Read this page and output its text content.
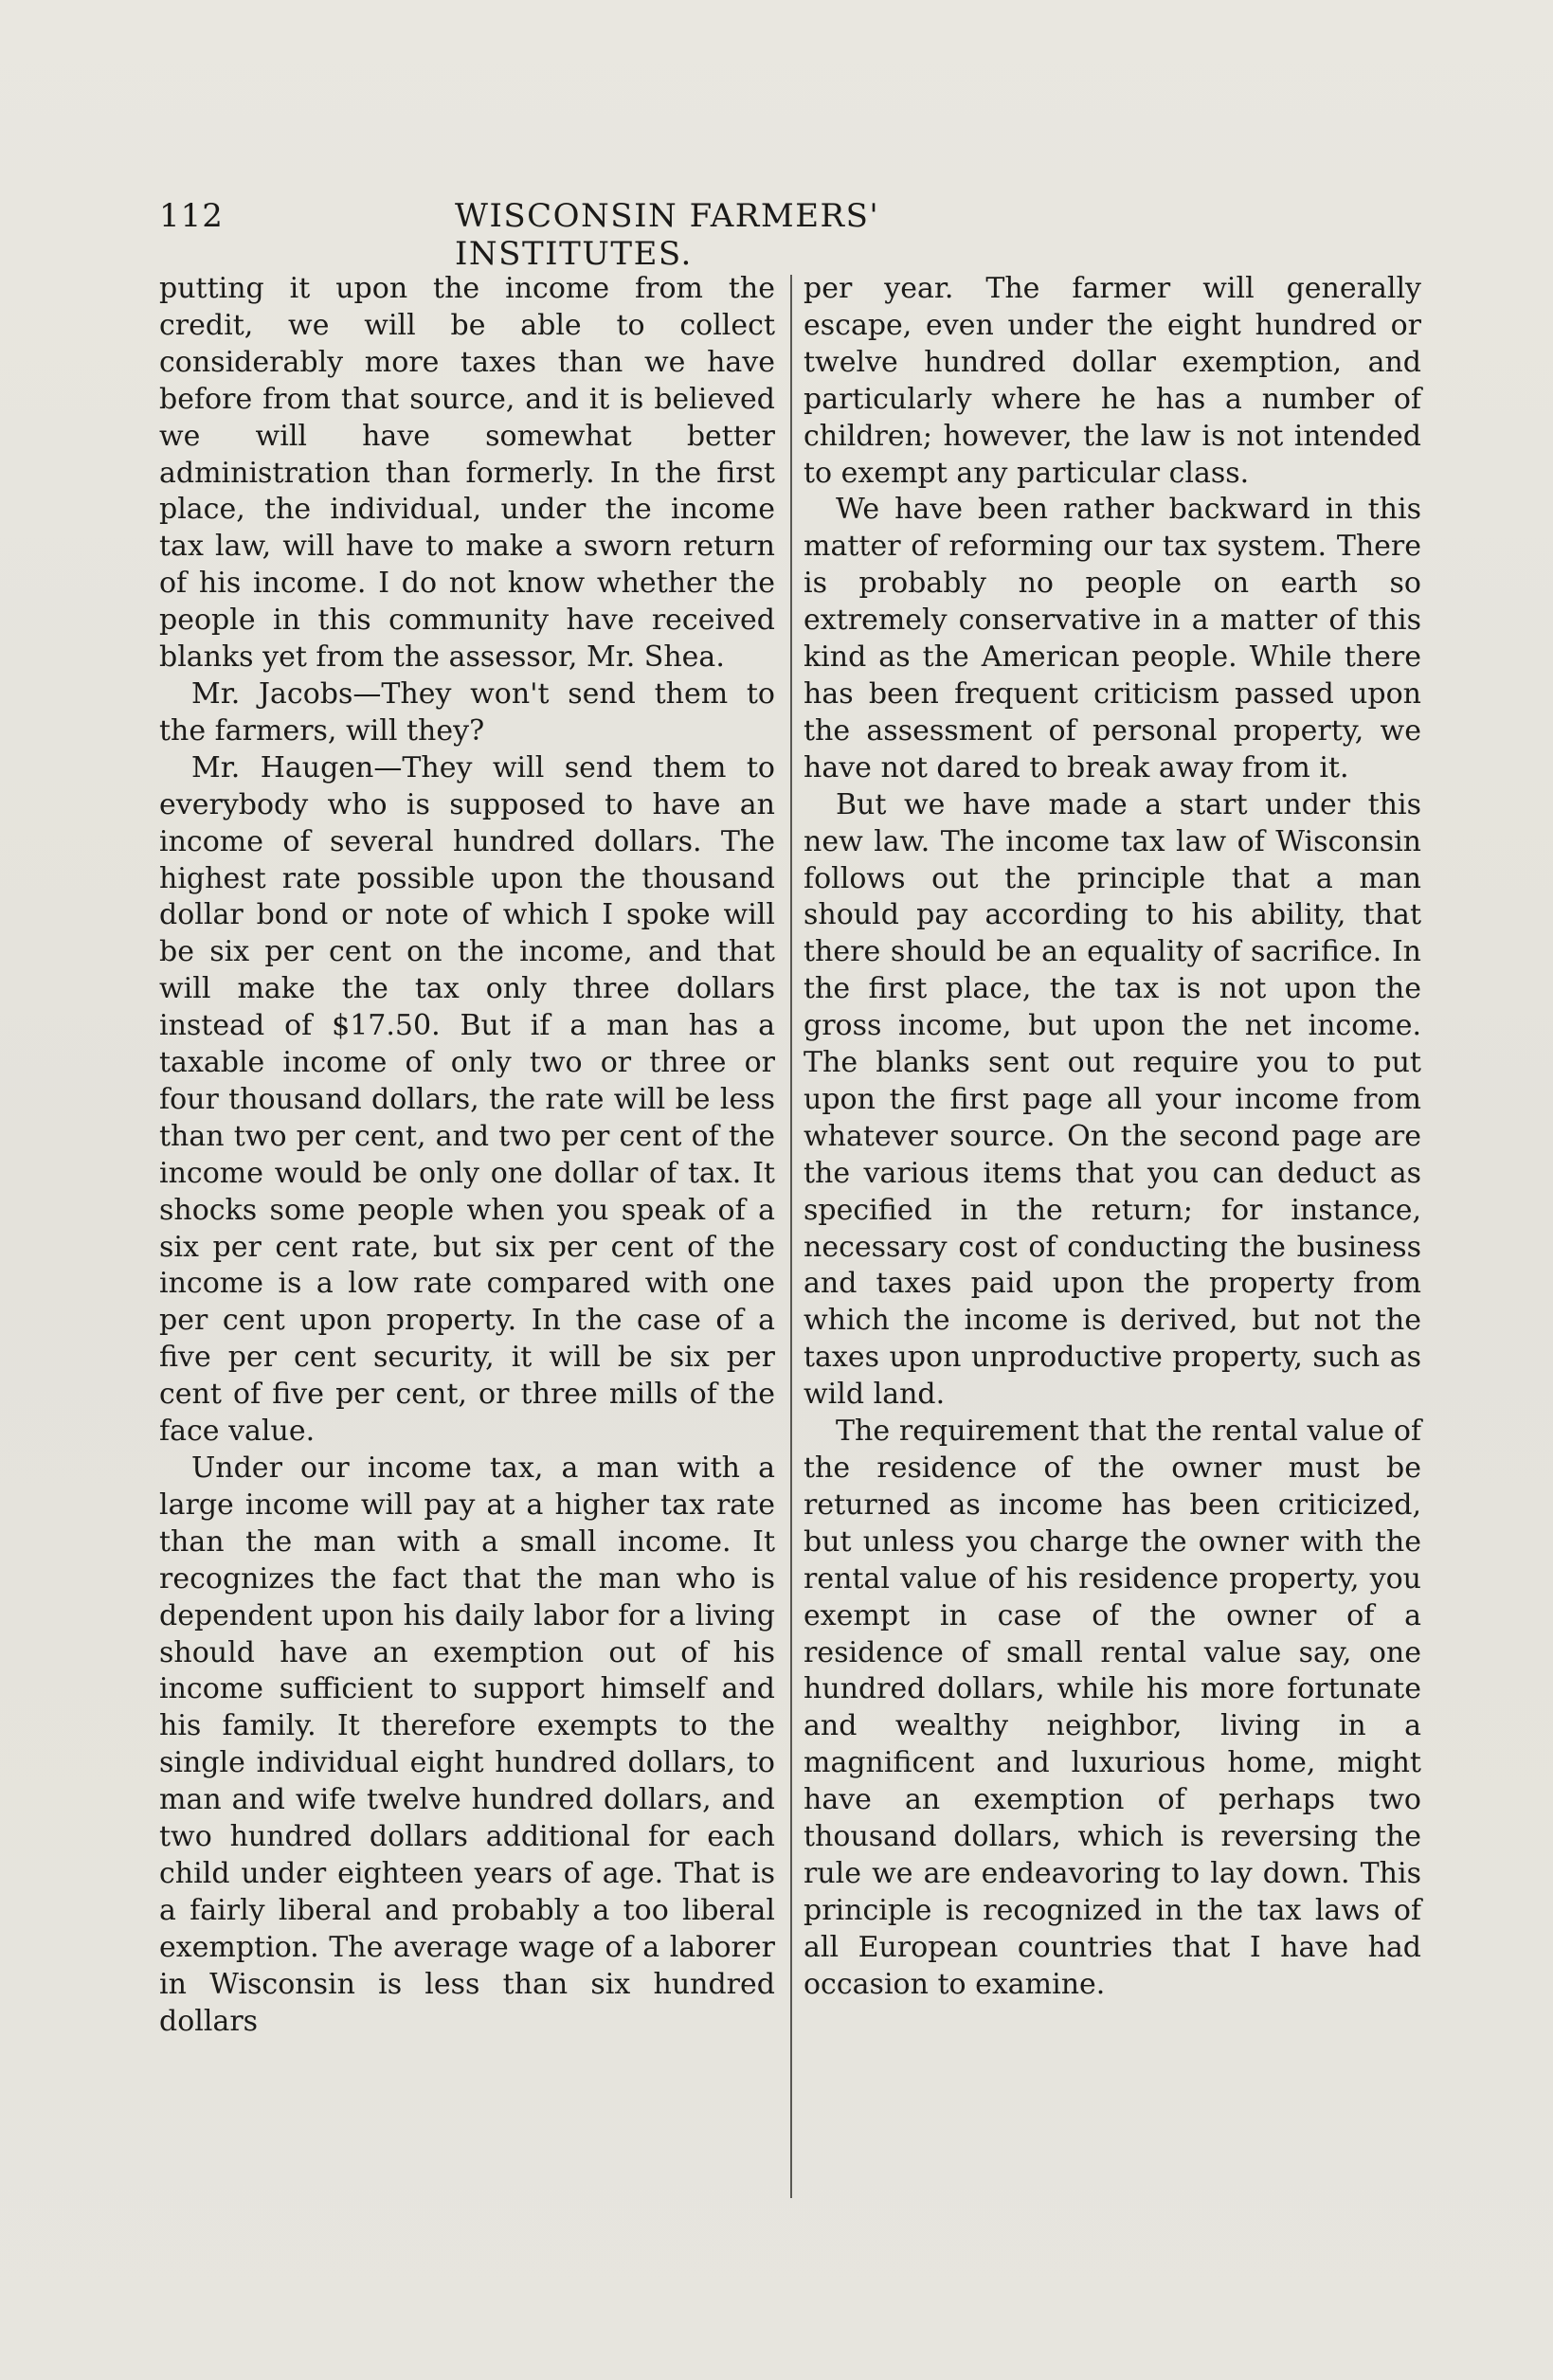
112	WISCONSIN FARMERS' INSTITUTES.

putting it upon the income from the credit, we will be able to collect considerably more taxes than we have before from that source, and it is believed we will have somewhat better administration than formerly. In the first place, the individual, under the income tax law, will have to make a sworn return of his income. I do not know whether the people in this community have received blanks yet from the assessor, Mr. Shea.

Mr. Jacobs—They won't send them to the farmers, will they?

Mr. Haugen—They will send them to everybody who is supposed to have an income of several hundred dollars. The highest rate possible upon the thousand dollar bond or note of which I spoke will be six per cent on the income, and that will make the tax only three dollars instead of $17.50. But if a man has a taxable income of only two or three or four thousand dollars, the rate will be less than two per cent, and two per cent of the income would be only one dollar of tax. It shocks some people when you speak of a six per cent rate, but six per cent of the income is a low rate compared with one per cent upon property. In the case of a five per cent security, it will be six per cent of five per cent, or three mills of the face value.

Under our income tax, a man with a large income will pay at a higher tax rate than the man with a small income. It recognizes the fact that the man who is dependent upon his daily labor for a living should have an exemption out of his income sufficient to support himself and his family. It therefore exempts to the single individual eight hundred dollars, to man and wife twelve hundred dollars, and two hundred dollars additional for each child under eighteen years of age. That is a fairly liberal and probably a too liberal exemption. The average wage of a laborer in Wisconsin is less than six hundred dollars

per year. The farmer will generally escape, even under the eight hundred or twelve hundred dollar exemption, and particularly where he has a number of children; however, the law is not intended to exempt any particular class.

We have been rather backward in this matter of reforming our tax system. There is probably no people on earth so extremely conservative in a matter of this kind as the American people. While there has been frequent criticism passed upon the assessment of personal property, we have not dared to break away from it.

But we have made a start under this new law. The income tax law of Wisconsin follows out the principle that a man should pay according to his ability, that there should be an equality of sacrifice. In the first place, the tax is not upon the gross income, but upon the net income. The blanks sent out require you to put upon the first page all your income from whatever source. On the second page are the various items that you can deduct as specified in the return; for instance, necessary cost of conducting the business and taxes paid upon the property from which the income is derived, but not the taxes upon unproductive property, such as wild land.

The requirement that the rental value of the residence of the owner must be returned as income has been criticized, but unless you charge the owner with the rental value of his residence property, you exempt in case of the owner of a residence of small rental value say, one hundred dollars, while his more fortunate and wealthy neighbor, living in a magnificent and luxurious home, might have an exemption of perhaps two thousand dollars, which is reversing the rule we are endeavoring to lay down. This principle is recognized in the tax laws of all European countries that I have had occasion to examine.
